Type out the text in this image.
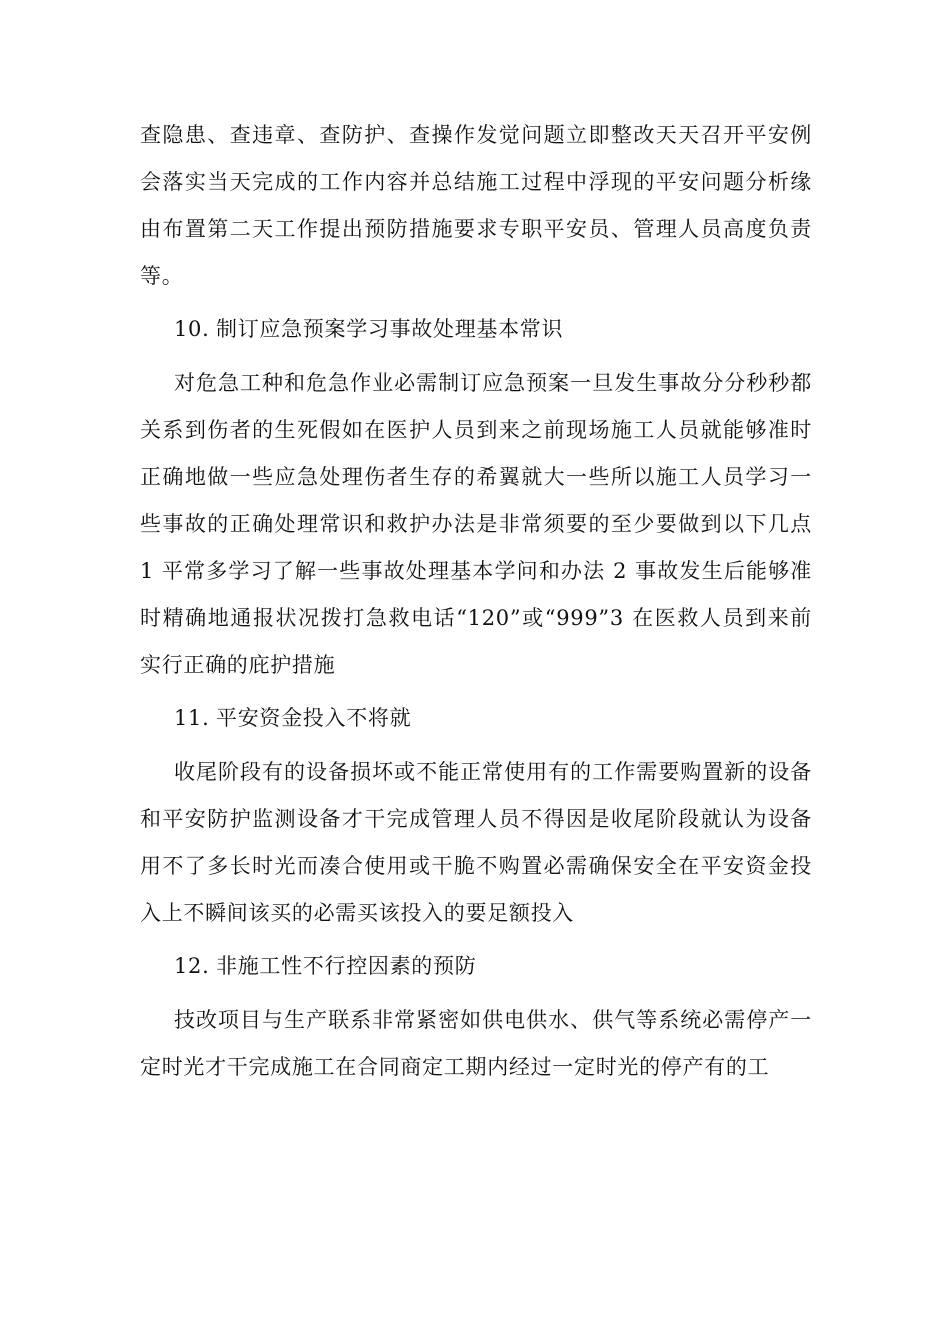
查隐患、查违章、查防护、查操作发觉问题立即整改天天召开平安例会落实当天完成的工作内容并总结施工过程中浮现的平安问题分析缘由布置第二天工作提出预防措施要求专职平安员、管理人员高度负责等。

10. 制订应急预案学习事故处理基本常识

对危急工种和危急作业必需制订应急预案一旦发生事故分分秒秒都关系到伤者的生死假如在医护人员到来之前现场施工人员就能够准时正确地做一些应急处理伤者生存的希翼就大一些所以施工人员学习一些事故的正确处理常识和救护办法是非常须要的至少要做到以下几点 1 平常多学习了解一些事故处理基本学问和办法 2 事故发生后能够准时精确地通报状况拨打急救电话“120”或“999”3 在医救人员到来前实行正确的庇护措施

11. 平安资金投入不将就

收尾阶段有的设备损坏或不能正常使用有的工作需要购置新的设备和平安防护监测设备才干完成管理人员不得因是收尾阶段就认为设备用不了多长时光而凑合使用或干脆不购置必需确保安全在平安资金投入上不瞬间该买的必需买该投入的要足额投入

12. 非施工性不行控因素的预防

技改项目与生产联系非常紧密如供电供水、供气等系统必需停产一定时光才干完成施工在合同商定工期内经过一定时光的停产有的工
